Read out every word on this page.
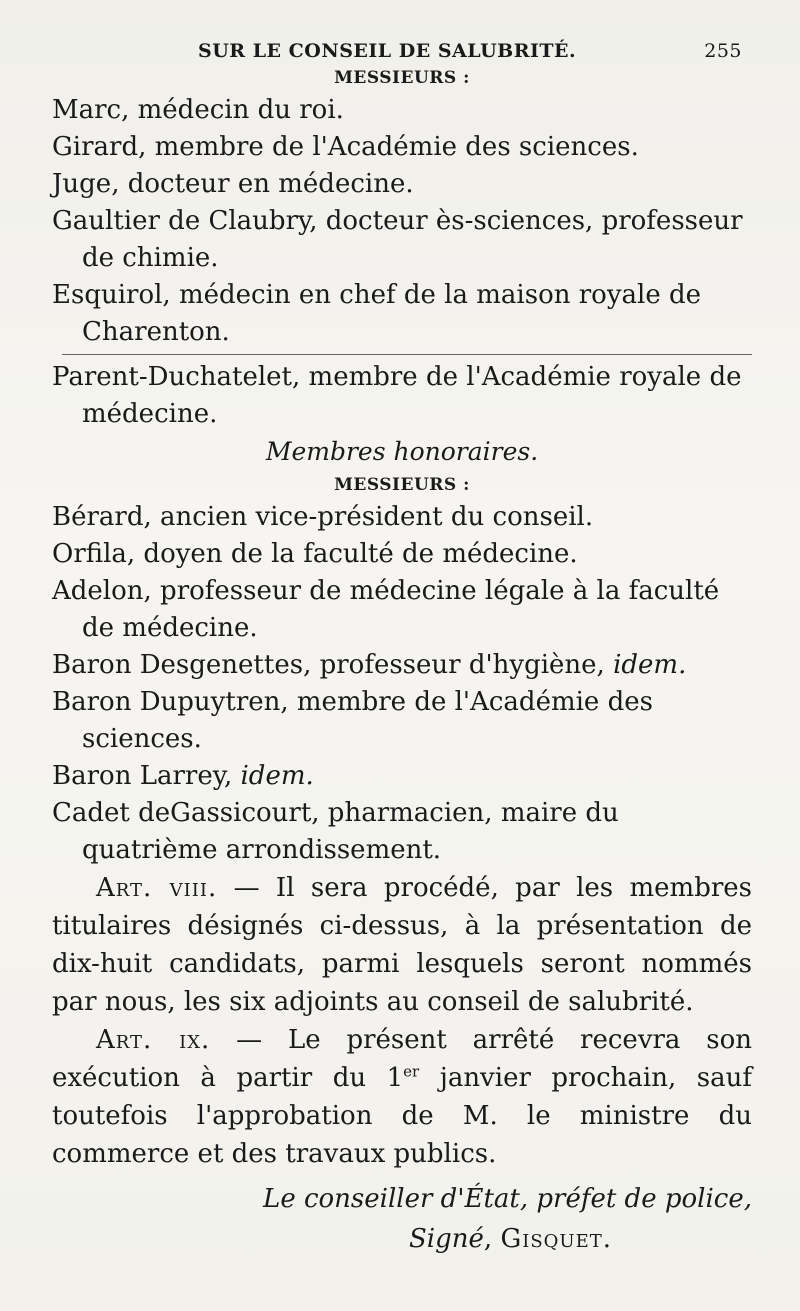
SUR LE CONSEIL DE SALUBRITÉ.	255
MESSIEURS :

Marc, médecin du roi.

Girard, membre de l'Académie des sciences.

Juge, docteur en médecine.

Gaultier de Claubry, docteur ès-sciences, professeur de chimie.

Esquirol, médecin en chef de la maison royale de Charenton.

Parent-Duchatelet, membre de l'Académie royale de médecine.

Membres honoraires.

MESSIEURS :

Bérard, ancien vice-président du conseil.

Orfila, doyen de la faculté de médecine.

Adelon, professeur de médecine légale à la faculté de médecine.

Baron Desgenettes, professeur d'hygiène, idem.

Baron Dupuytren, membre de l'Académie des sciences.

Baron Larrey, idem.

Cadet deGassicourt, pharmacien, maire du quatrième arrondissement.

Art. viii. — Il sera procédé, par les membres titulaires désignés ci-dessus, à la présentation de dix-huit candidats, parmi lesquels seront nommés par nous, les six adjoints au conseil de salubrité.

Art. ix. — Le présent arrêté recevra son exécution à partir du 1er janvier prochain, sauf toutefois l'approbation de M. le ministre du commerce et des travaux publics.

Le conseiller d'État, préfet de police,
Signé, Gisquet.
